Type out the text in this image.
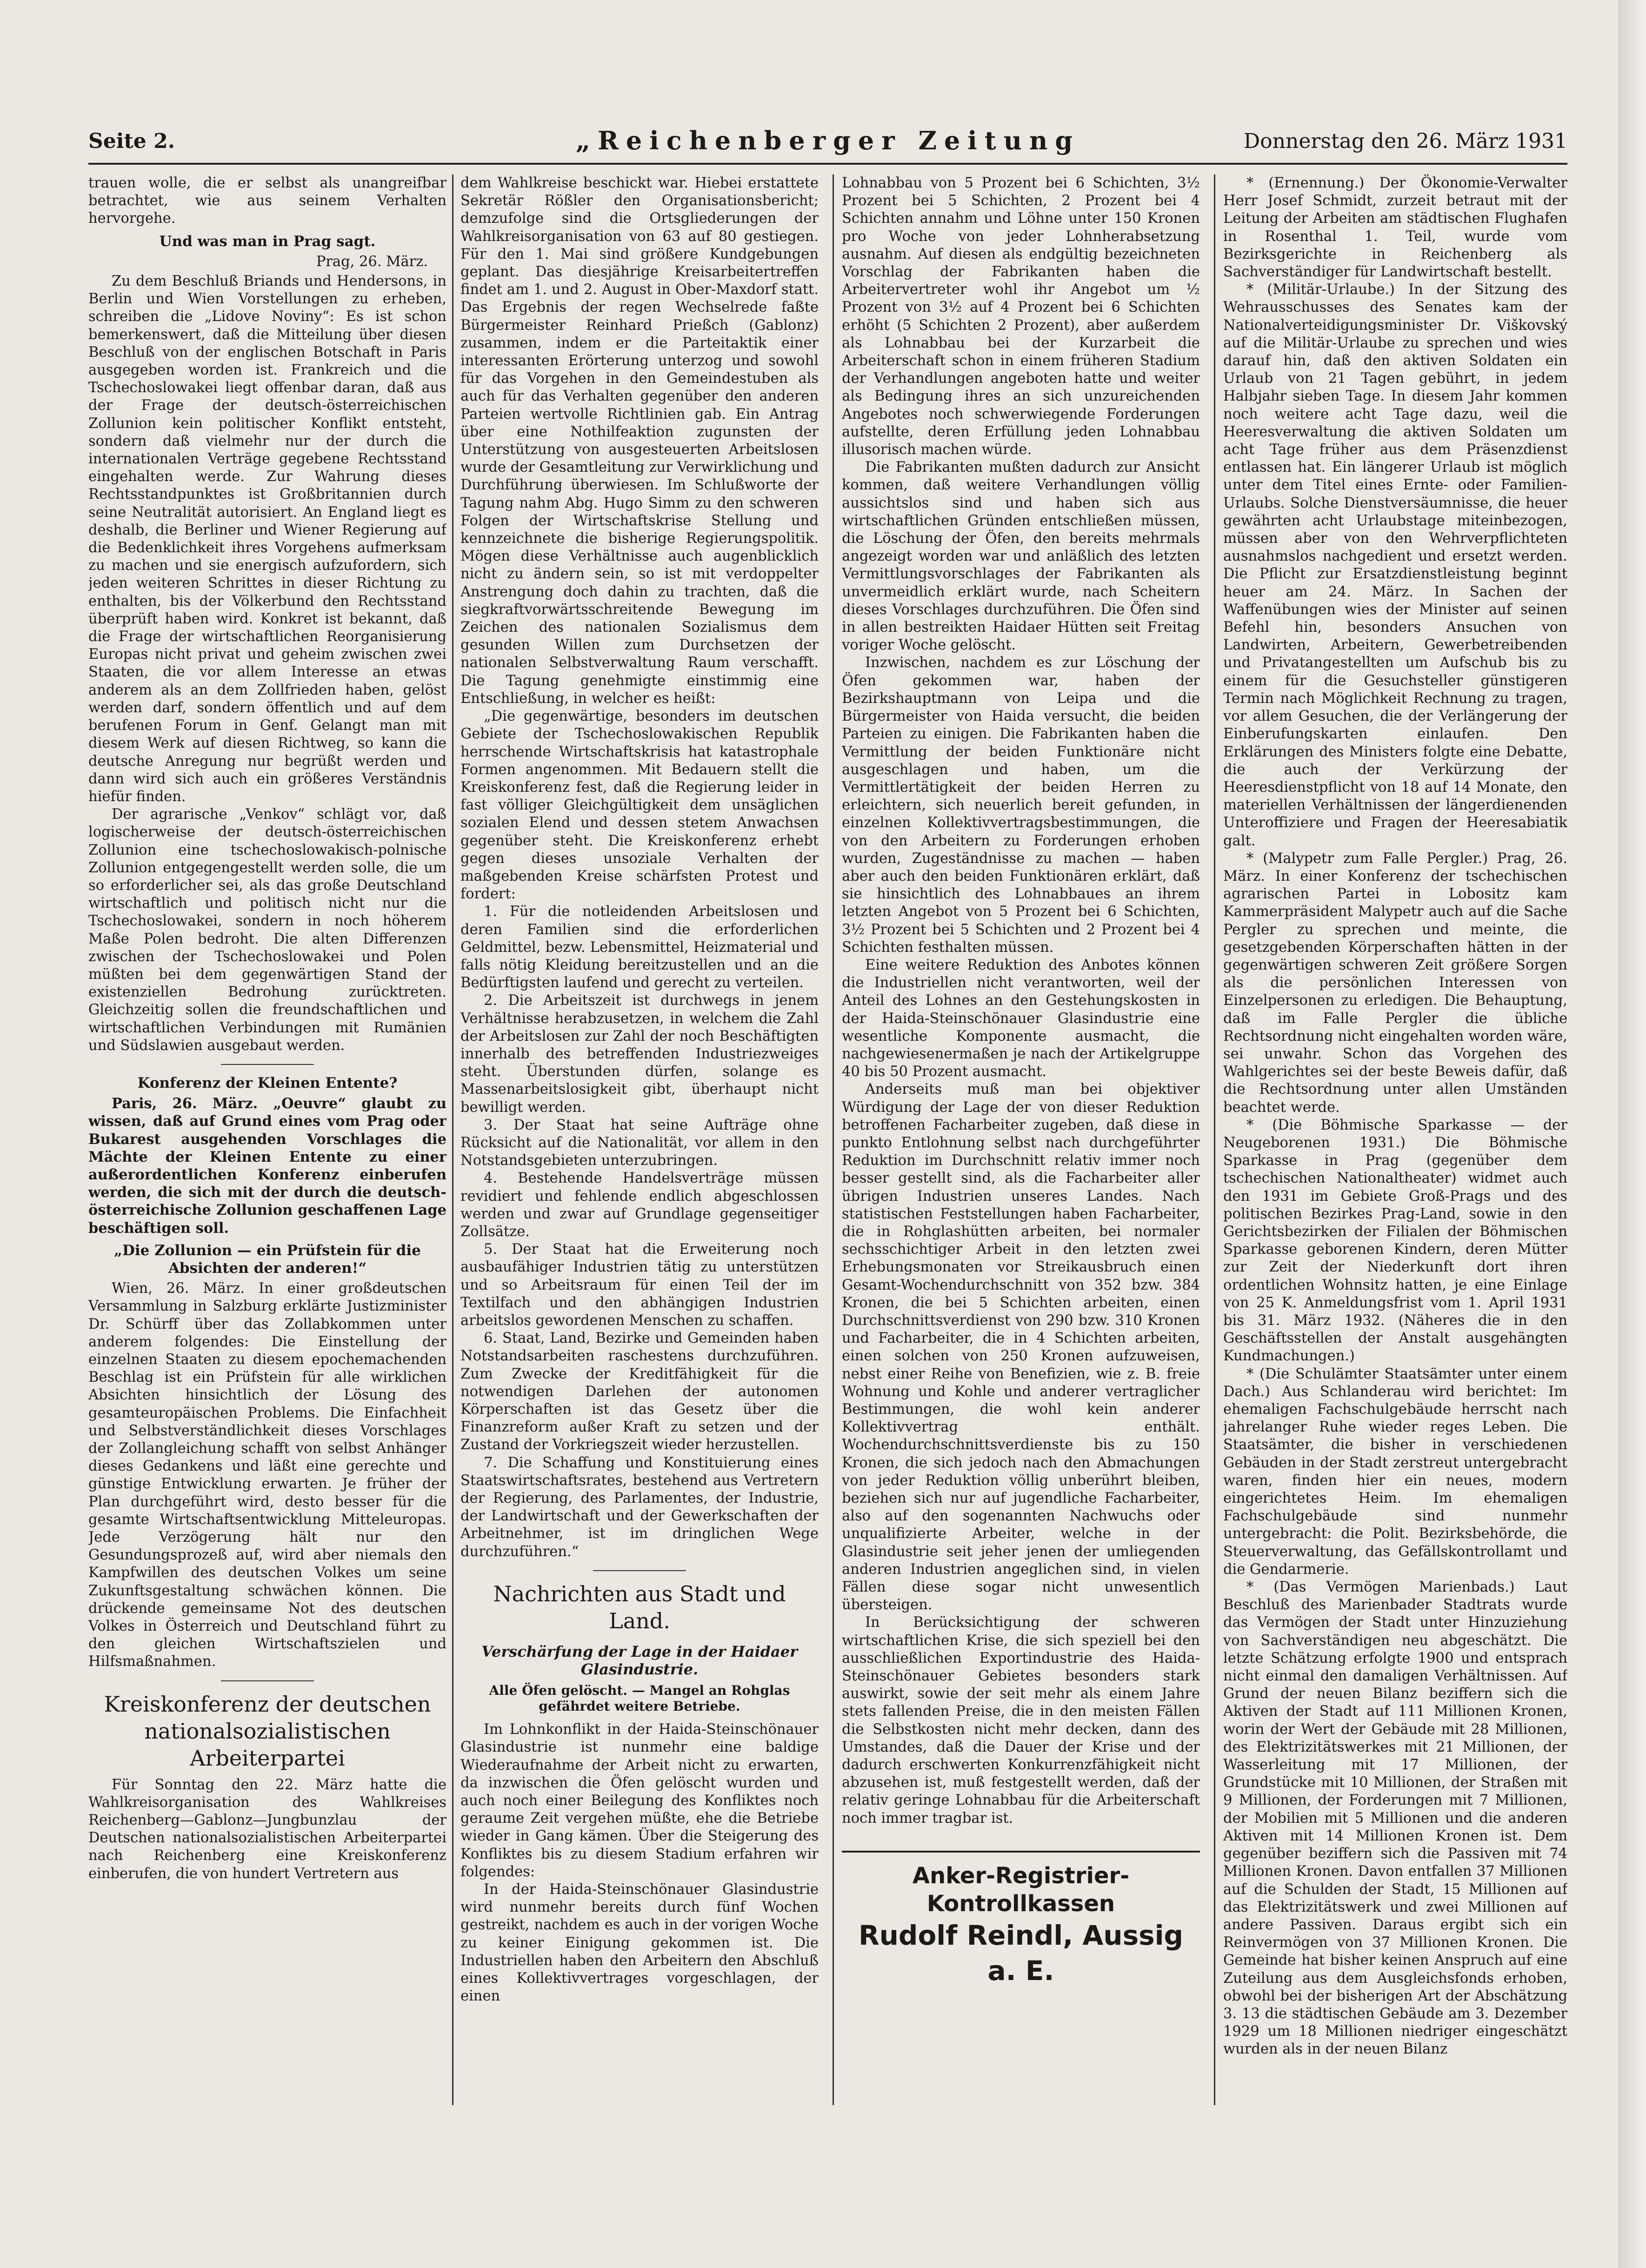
Seite 2.	„Reichenberger Zeitung	Donnerstag den 26. März 1931

trauen wolle, die er selbst als unangreifbar betrachtet, wie aus seinem Verhalten hervorgehe.

Und was man in Prag sagt.
Prag, 26. März.

Zu dem Beschluß Briands und Hendersons, in Berlin und Wien Vorstellungen zu erheben, schreiben die „Lidove Noviny“: Es ist schon bemerkenswert, daß die Mitteilung über diesen Beschluß von der englischen Botschaft in Paris ausgegeben worden ist. Frankreich und die Tschechoslowakei liegt offenbar daran, daß aus der Frage der deutsch-österreichischen Zollunion kein politischer Konflikt entsteht, sondern daß vielmehr nur der durch die internationalen Verträge gegebene Rechtsstand eingehalten werde. Zur Wahrung dieses Rechtsstandpunktes ist Großbritannien durch seine Neutralität autorisiert. An England liegt es deshalb, die Berliner und Wiener Regierung auf die Bedenklichkeit ihres Vorgehens aufmerksam zu machen und sie energisch aufzufordern, sich jeden weiteren Schrittes in dieser Richtung zu enthalten, bis der Völkerbund den Rechtsstand überprüft haben wird. Konkret ist bekannt, daß die Frage der wirtschaftlichen Reorganisierung Europas nicht privat und geheim zwischen zwei Staaten, die vor allem Interesse an etwas anderem als an dem Zollfrieden haben, gelöst werden darf, sondern öffentlich und auf dem berufenen Forum in Genf. Gelangt man mit diesem Werk auf diesen Richtweg, so kann die deutsche Anregung nur begrüßt werden und dann wird sich auch ein größeres Verständnis hiefür finden.

Der agrarische „Venkov“ schlägt vor, daß logischerweise der deutsch-österreichischen Zollunion eine tschechoslowakisch-polnische Zollunion entgegengestellt werden solle, die um so erforderlicher sei, als das große Deutschland wirtschaftlich und politisch nicht nur die Tschechoslowakei, sondern in noch höherem Maße Polen bedroht. Die alten Differenzen zwischen der Tschechoslowakei und Polen müßten bei dem gegenwärtigen Stand der existenziellen Bedrohung zurücktreten. Gleichzeitig sollen die freundschaftlichen und wirtschaftlichen Verbindungen mit Rumänien und Südslawien ausgebaut werden.

Konferenz der Kleinen Entente?

Paris, 26. März. „Oeuvre“ glaubt zu wissen, daß auf Grund eines vom Prag oder Bukarest ausgehenden Vorschlages die Mächte der Kleinen Entente zu einer außerordentlichen Konferenz einberufen werden, die sich mit der durch die deutsch-österreichische Zollunion geschaffenen Lage beschäftigen soll.

„Die Zollunion — ein Prüfstein für die Absichten der anderen!“

Wien, 26. März. In einer großdeutschen Versammlung in Salzburg erklärte Justizminister Dr. Schürff über das Zollabkommen unter anderem folgendes: Die Einstellung der einzelnen Staaten zu diesem epochemachenden Beschlag ist ein Prüfstein für alle wirklichen Absichten hinsichtlich der Lösung des gesamteuropäischen Problems. Die Einfachheit und Selbstverständlichkeit dieses Vorschlages der Zollangleichung schafft von selbst Anhänger dieses Gedankens und läßt eine gerechte und günstige Entwicklung erwarten. Je früher der Plan durchgeführt wird, desto besser für die gesamte Wirtschaftsentwicklung Mitteleuropas. Jede Verzögerung hält nur den Gesundungsprozeß auf, wird aber niemals den Kampfwillen des deutschen Volkes um seine Zukunftsgestaltung schwächen können. Die drückende gemeinsame Not des deutschen Volkes in Österreich und Deutschland führt zu den gleichen Wirtschaftszielen und Hilfsmaßnahmen.

Kreiskonferenz der deutschen nationalsozialistischen Arbeiterpartei

Für Sonntag den 22. März hatte die Wahlkreisorganisation des Wahlkreises Reichenberg—Gablonz—Jungbunzlau der Deutschen nationalsozialistischen Arbeiterpartei nach Reichenberg eine Kreiskonferenz einberufen, die von hundert Vertretern aus

dem Wahlkreise beschickt war. Hiebei erstattete Sekretär Rößler den Organisationsbericht; demzufolge sind die Ortsgliederungen der Wahlkreisorganisation von 63 auf 80 gestiegen. Für den 1. Mai sind größere Kundgebungen geplant. Das diesjährige Kreisarbeitertreffen findet am 1. und 2. August in Ober-Maxdorf statt. Das Ergebnis der regen Wechselrede faßte Bürgermeister Reinhard Prießch (Gablonz) zusammen, indem er die Parteitaktik einer interessanten Erörterung unterzog und sowohl für das Vorgehen in den Gemeindestuben als auch für das Verhalten gegenüber den anderen Parteien wertvolle Richtlinien gab. Ein Antrag über eine Nothilfeaktion zugunsten der Unterstützung von ausgesteuerten Arbeitslosen wurde der Gesamtleitung zur Verwirklichung und Durchführung überwiesen. Im Schlußworte der Tagung nahm Abg. Hugo Simm zu den schweren Folgen der Wirtschaftskrise Stellung und kennzeichnete die bisherige Regierungspolitik. Mögen diese Verhältnisse auch augenblicklich nicht zu ändern sein, so ist mit verdoppelter Anstrengung doch dahin zu trachten, daß die siegkraftvorwärtsschreitende Bewegung im Zeichen des nationalen Sozialismus dem gesunden Willen zum Durchsetzen der nationalen Selbstverwaltung Raum verschafft. Die Tagung genehmigte einstimmig eine Entschließung, in welcher es heißt:

„Die gegenwärtige, besonders im deutschen Gebiete der Tschechoslowakischen Republik herrschende Wirtschaftskrisis hat katastrophale Formen angenommen. Mit Bedauern stellt die Kreiskonferenz fest, daß die Regierung leider in fast völliger Gleichgültigkeit dem unsäglichen sozialen Elend und dessen stetem Anwachsen gegenüber steht. Die Kreiskonferenz erhebt gegen dieses unsoziale Verhalten der maßgebenden Kreise schärfsten Protest und fordert:

1. Für die notleidenden Arbeitslosen und deren Familien sind die erforderlichen Geldmittel, bezw. Lebensmittel, Heizmaterial und falls nötig Kleidung bereitzustellen und an die Bedürftigsten laufend und gerecht zu verteilen.

2. Die Arbeitszeit ist durchwegs in jenem Verhältnisse herabzusetzen, in welchem die Zahl der Arbeitslosen zur Zahl der noch Beschäftigten innerhalb des betreffenden Industriezweiges steht. Überstunden dürfen, solange es Massenarbeitslosigkeit gibt, überhaupt nicht bewilligt werden.

3. Der Staat hat seine Aufträge ohne Rücksicht auf die Nationalität, vor allem in den Notstandsgebieten unterzubringen.

4. Bestehende Handelsverträge müssen revidiert und fehlende endlich abgeschlossen werden und zwar auf Grundlage gegenseitiger Zollsätze.

5. Der Staat hat die Erweiterung noch ausbaufähiger Industrien tätig zu unterstützen und so Arbeitsraum für einen Teil der im Textilfach und den abhängigen Industrien arbeitslos gewordenen Menschen zu schaffen.

6. Staat, Land, Bezirke und Gemeinden haben Notstandsarbeiten raschestens durchzuführen. Zum Zwecke der Kreditfähigkeit für die notwendigen Darlehen der autonomen Körperschaften ist das Gesetz über die Finanzreform außer Kraft zu setzen und der Zustand der Vorkriegszeit wieder herzustellen.

7. Die Schaffung und Konstituierung eines Staatswirtschaftsrates, bestehend aus Vertretern der Regierung, des Parlamentes, der Industrie, der Landwirtschaft und der Gewerkschaften der Arbeitnehmer, ist im dringlichen Wege durchzuführen.“

Nachrichten aus Stadt und Land.
Verschärfung der Lage in der Haidaer Glasindustrie.
Alle Öfen gelöscht. — Mangel an Rohglas gefährdet weitere Betriebe.

Im Lohnkonflikt in der Haida-Steinschönauer Glasindustrie ist nunmehr eine baldige Wiederaufnahme der Arbeit nicht zu erwarten, da inzwischen die Öfen gelöscht wurden und auch noch einer Beilegung des Konfliktes noch geraume Zeit vergehen müßte, ehe die Betriebe wieder in Gang kämen. Über die Steigerung des Konfliktes bis zu diesem Stadium erfahren wir folgendes:

In der Haida-Steinschönauer Glasindustrie wird nunmehr bereits durch fünf Wochen gestreikt, nachdem es auch in der vorigen Woche zu keiner Einigung gekommen ist. Die Industriellen haben den Arbeitern den Abschluß eines Kollektivvertrages vorgeschlagen, der einen

Lohnabbau von 5 Prozent bei 6 Schichten, 3½ Prozent bei 5 Schichten, 2 Prozent bei 4 Schichten annahm und Löhne unter 150 Kronen pro Woche von jeder Lohnherabsetzung ausnahm. Auf diesen als endgültig bezeichneten Vorschlag der Fabrikanten haben die Arbeitervertreter wohl ihr Angebot um ½ Prozent von 3½ auf 4 Prozent bei 6 Schichten erhöht (5 Schichten 2 Prozent), aber außerdem als Lohnabbau bei der Kurzarbeit die Arbeiterschaft schon in einem früheren Stadium der Verhandlungen angeboten hatte und weiter als Bedingung ihres an sich unzureichenden Angebotes noch schwerwiegende Forderungen aufstellte, deren Erfüllung jeden Lohnabbau illusorisch machen würde.

Die Fabrikanten mußten dadurch zur Ansicht kommen, daß weitere Verhandlungen völlig aussichtslos sind und haben sich aus wirtschaftlichen Gründen entschließen müssen, die Löschung der Öfen, den bereits mehrmals angezeigt worden war und anläßlich des letzten Vermittlungsvorschlages der Fabrikanten als unvermeidlich erklärt wurde, nach Scheitern dieses Vorschlages durchzuführen. Die Öfen sind in allen bestreikten Haidaer Hütten seit Freitag voriger Woche gelöscht.

Inzwischen, nachdem es zur Löschung der Öfen gekommen war, haben der Bezirkshauptmann von Leipa und die Bürgermeister von Haida versucht, die beiden Parteien zu einigen. Die Fabrikanten haben die Vermittlung der beiden Funktionäre nicht ausgeschlagen und haben, um die Vermittlertätigkeit der beiden Herren zu erleichtern, sich neuerlich bereit gefunden, in einzelnen Kollektivvertragsbestimmungen, die von den Arbeitern zu Forderungen erhoben wurden, Zugeständnisse zu machen — haben aber auch den beiden Funktionären erklärt, daß sie hinsichtlich des Lohnabbaues an ihrem letzten Angebot von 5 Prozent bei 6 Schichten, 3½ Prozent bei 5 Schichten und 2 Prozent bei 4 Schichten festhalten müssen.

Eine weitere Reduktion des Anbotes können die Industriellen nicht verantworten, weil der Anteil des Lohnes an den Gestehungskosten in der Haida-Steinschönauer Glasindustrie eine wesentliche Komponente ausmacht, die nachgewiesenermaßen je nach der Artikelgruppe 40 bis 50 Prozent ausmacht.

Anderseits muß man bei objektiver Würdigung der Lage der von dieser Reduktion betroffenen Facharbeiter zugeben, daß diese in punkto Entlohnung selbst nach durchgeführter Reduktion im Durchschnitt relativ immer noch besser gestellt sind, als die Facharbeiter aller übrigen Industrien unseres Landes. Nach statistischen Feststellungen haben Facharbeiter, die in Rohglashütten arbeiten, bei normaler sechsschichtiger Arbeit in den letzten zwei Erhebungsmonaten vor Streikausbruch einen Gesamt-Wochendurchschnitt von 352 bzw. 384 Kronen, die bei 5 Schichten arbeiten, einen Durchschnittsverdienst von 290 bzw. 310 Kronen und Facharbeiter, die in 4 Schichten arbeiten, einen solchen von 250 Kronen aufzuweisen, nebst einer Reihe von Benefizien, wie z. B. freie Wohnung und Kohle und anderer vertraglicher Bestimmungen, die wohl kein anderer Kollektivvertrag enthält. Wochendurchschnittsverdienste bis zu 150 Kronen, die sich jedoch nach den Abmachungen von jeder Reduktion völlig unberührt bleiben, beziehen sich nur auf jugendliche Facharbeiter, also auf den sogenannten Nachwuchs oder unqualifizierte Arbeiter, welche in der Glasindustrie seit jeher jenen der umliegenden anderen Industrien angeglichen sind, in vielen Fällen diese sogar nicht unwesentlich übersteigen.

In Berücksichtigung der schweren wirtschaftlichen Krise, die sich speziell bei den ausschließlichen Exportindustrie des Haida-Steinschönauer Gebietes besonders stark auswirkt, sowie der seit mehr als einem Jahre stets fallenden Preise, die in den meisten Fällen die Selbstkosten nicht mehr decken, dann des Umstandes, daß die Dauer der Krise und der dadurch erschwerten Konkurrenzfähigkeit nicht abzusehen ist, muß festgestellt werden, daß der relativ geringe Lohnabbau für die Arbeiterschaft noch immer tragbar ist.

Anker-Registrier-Kontrollkassen
Rudolf Reindl, Aussig a. E.

* (Ernennung.) Der Ökonomie-Verwalter Herr Josef Schmidt, zurzeit betraut mit der Leitung der Arbeiten am städtischen Flughafen in Rosenthal 1. Teil, wurde vom Bezirksgerichte in Reichenberg als Sachverständiger für Landwirtschaft bestellt.

* (Militär-Urlaube.) In der Sitzung des Wehrausschusses des Senates kam der Nationalverteidigungsminister Dr. Viškovský auf die Militär-Urlaube zu sprechen und wies darauf hin, daß den aktiven Soldaten ein Urlaub von 21 Tagen gebührt, in jedem Halbjahr sieben Tage. In diesem Jahr kommen noch weitere acht Tage dazu, weil die Heeresverwaltung die aktiven Soldaten um acht Tage früher aus dem Präsenzdienst entlassen hat. Ein längerer Urlaub ist möglich unter dem Titel eines Ernte- oder Familien-Urlaubs. Solche Dienstversäumnisse, die heuer gewährten acht Urlaubstage miteinbezogen, müssen aber von den Wehrverpflichteten ausnahmslos nachgedient und ersetzt werden. Die Pflicht zur Ersatzdienstleistung beginnt heuer am 24. März. In Sachen der Waffenübungen wies der Minister auf seinen Befehl hin, besonders Ansuchen von Landwirten, Arbeitern, Gewerbetreibenden und Privatangestellten um Aufschub bis zu einem für die Gesuchsteller günstigeren Termin nach Möglichkeit Rechnung zu tragen, vor allem Gesuchen, die der Verlängerung der Einberufungskarten einlaufen. Den Erklärungen des Ministers folgte eine Debatte, die auch der Verkürzung der Heeresdienstpflicht von 18 auf 14 Monate, den materiellen Verhältnissen der längerdienenden Unteroffiziere und Fragen der Heeresabiatik galt.

* (Malypetr zum Falle Pergler.) Prag, 26. März. In einer Konferenz der tschechischen agrarischen Partei in Lobositz kam Kammerpräsident Malypetr auch auf die Sache Pergler zu sprechen und meinte, die gesetzgebenden Körperschaften hätten in der gegenwärtigen schweren Zeit größere Sorgen als die persönlichen Interessen von Einzelpersonen zu erledigen. Die Behauptung, daß im Falle Pergler die übliche Rechtsordnung nicht eingehalten worden wäre, sei unwahr. Schon das Vorgehen des Wahlgerichtes sei der beste Beweis dafür, daß die Rechtsordnung unter allen Umständen beachtet werde.

* (Die Böhmische Sparkasse — der Neugeborenen 1931.) Die Böhmische Sparkasse in Prag (gegenüber dem tschechischen Nationaltheater) widmet auch den 1931 im Gebiete Groß-Prags und des politischen Bezirkes Prag-Land, sowie in den Gerichtsbezirken der Filialen der Böhmischen Sparkasse geborenen Kindern, deren Mütter zur Zeit der Niederkunft dort ihren ordentlichen Wohnsitz hatten, je eine Einlage von 25 K. Anmeldungsfrist vom 1. April 1931 bis 31. März 1932. (Näheres die in den Geschäftsstellen der Anstalt ausgehängten Kundmachungen.)

* (Die Schulämter Staatsämter unter einem Dach.) Aus Schlanderau wird berichtet: Im ehemaligen Fachschulgebäude herrscht nach jahrelanger Ruhe wieder reges Leben. Die Staatsämter, die bisher in verschiedenen Gebäuden in der Stadt zerstreut untergebracht waren, finden hier ein neues, modern eingerichtetes Heim. Im ehemaligen Fachschulgebäude sind nunmehr untergebracht: die Polit. Bezirksbehörde, die Steuerverwaltung, das Gefällskontrollamt und die Gendarmerie.

* (Das Vermögen Marienbads.) Laut Beschluß des Marienbader Stadtrats wurde das Vermögen der Stadt unter Hinzuziehung von Sachverständigen neu abgeschätzt. Die letzte Schätzung erfolgte 1900 und entsprach nicht einmal den damaligen Verhältnissen. Auf Grund der neuen Bilanz beziffern sich die Aktiven der Stadt auf 111 Millionen Kronen, worin der Wert der Gebäude mit 28 Millionen, des Elektrizitätswerkes mit 21 Millionen, der Wasserleitung mit 17 Millionen, der Grundstücke mit 10 Millionen, der Straßen mit 9 Millionen, der Forderungen mit 7 Millionen, der Mobilien mit 5 Millionen und die anderen Aktiven mit 14 Millionen Kronen ist. Dem gegenüber beziffern sich die Passiven mit 74 Millionen Kronen. Davon entfallen 37 Millionen auf die Schulden der Stadt, 15 Millionen auf das Elektrizitätswerk und zwei Millionen auf andere Passiven. Daraus ergibt sich ein Reinvermögen von 37 Millionen Kronen. Die Gemeinde hat bisher keinen Anspruch auf eine Zuteilung aus dem Ausgleichsfonds erhoben, obwohl bei der bisherigen Art der Abschätzung 3. 13 die städtischen Gebäude am 3. Dezember 1929 um 18 Millionen niedriger eingeschätzt wurden als in der neuen Bilanz
